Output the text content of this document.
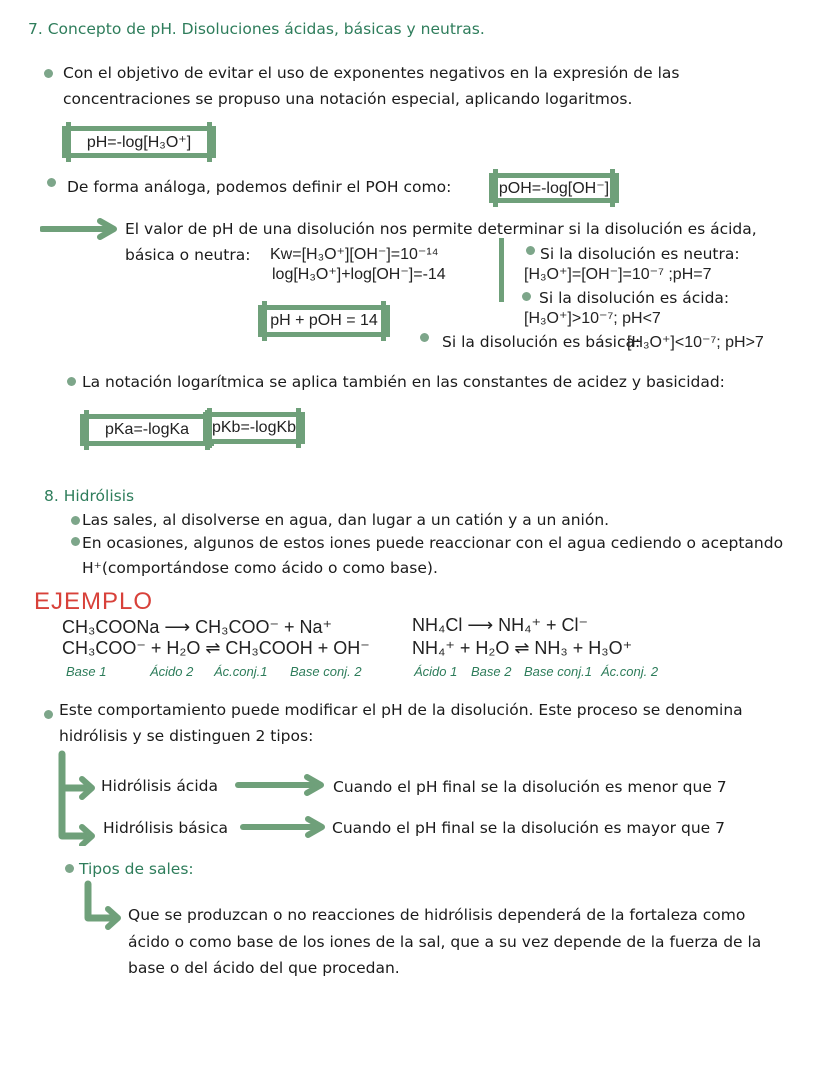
7. Concepto de pH. Disoluciones ácidas, básicas y neutras.
Con el objetivo de evitar el uso de exponentes negativos en la expresión de las
concentraciones se propuso una notación especial, aplicando logaritmos.
pH=-log[H₃O⁺]
De forma análoga, podemos definir el POH como:	pOH=-log[OH⁻]
El valor de pH de una disolución nos permite determinar si la disolución es ácida,
básica o neutra: Kw=[H₃O⁺][OH⁻]=10⁻¹⁴
log[H₃O⁺]+log[OH⁻]=-14
pH + pOH = 14
Si la disolución es neutra:
[H₃O⁺]=[OH⁻]=10⁻⁷ ;pH=7
Si la disolución es ácida:
[H₃O⁺]>10⁻⁷; pH<7
Si la disolución es básica:
[H₃O⁺]<10⁻⁷; pH>7
La notación logarítmica se aplica también en las constantes de acidez y basicidad:
pKa=-logKa	pKb=-logKb
8. Hidrólisis
Las sales, al disolverse en agua, dan lugar a un catión y a un anión.
En ocasiones, algunos de estos iones puede reaccionar con el agua cediendo o aceptando
H⁺(comportándose como ácido o como base).
EJEMPLO
CH₃COONa ⟶ CH₃COO⁻ + Na⁺
CH₃COO⁻ + H₂O ⇌ CH₃COOH + OH⁻
Base 1	Ácido 2 Ác.conj.1 Base conj. 2
NH₄Cl ⟶ NH₄⁺ + Cl⁻
NH₄⁺ + H₂O ⇌ NH₃ + H₃O⁺
Ácido 1 Base 2 Base conj.1 Ác.conj. 2
Este comportamiento puede modificar el pH de la disolución. Este proceso se denomina
hidrólisis y se distinguen 2 tipos:
Hidrólisis ácida	Cuando el pH final se la disolución es menor que 7
Hidrólisis básica	Cuando el pH final se la disolución es mayor que 7
Tipos de sales:
Que se produzcan o no reacciones de hidrólisis dependerá de la fortaleza como
ácido o como base de los iones de la sal, que a su vez depende de la fuerza de la
base o del ácido del que procedan.
